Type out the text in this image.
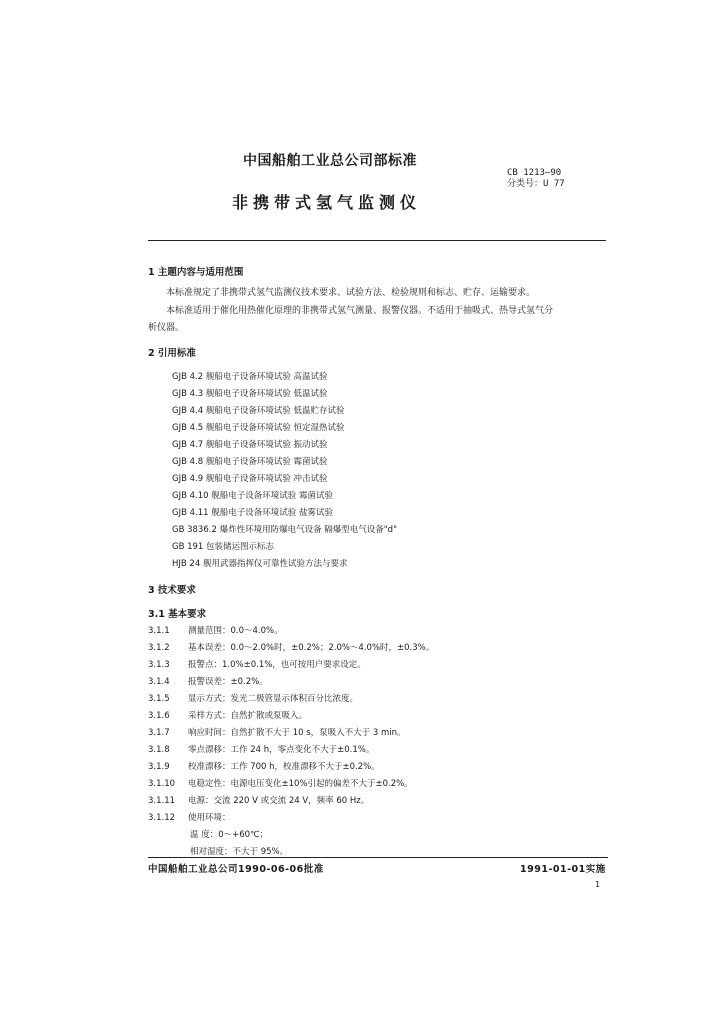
中国船舶工业总公司部标准
CB 1213—90
分类号：U 77
非携带式氢气监测仪
1 主题内容与适用范围
本标准规定了非携带式氢气监测仪技术要求、试验方法、检验规则和标志、贮存、运输要求。
本标准适用于催化用热催化原理的非携带式氢气测量、报警仪器。不适用于抽吸式、热导式氢气分
析仪器。
2 引用标准
GJB 4.2 舰船电子设备环境试验 高温试验
GJB 4.3 舰船电子设备环境试验 低温试验
GJB 4.4 舰船电子设备环境试验 低温贮存试验
GJB 4.5 舰船电子设备环境试验 恒定湿热试验
GJB 4.7 舰船电子设备环境试验 振动试验
GJB 4.8 舰船电子设备环境试验 霉菌试验
GJB 4.9 舰船电子设备环境试验 冲击试验
GJB 4.10 舰船电子设备环境试验 霉菌试验
GJB 4.11 舰船电子设备环境试验 盐雾试验
GB 3836.2 爆炸性环境用防爆电气设备 隔爆型电气设备"d"
GB 191 包装储运图示标志
HJB 24 舰用武器指挥仪可靠性试验方法与要求
3 技术要求
3.1 基本要求
3.1.1 测量范围：0.0～4.0%。
3.1.2 基本误差：0.0～2.0%时，±0.2%；2.0%～4.0%时，±0.3%。
3.1.3 报警点：1.0%±0.1%，也可按用户要求设定。
3.1.4 报警误差：±0.2%。
3.1.5 显示方式：发光二极管显示体积百分比浓度。
3.1.6 采样方式：自然扩散或泵吸入。
3.1.7 响应时间：自然扩散不大于 10 s，泵吸入不大于 3 min。
3.1.8 零点漂移：工作 24 h，零点变化不大于±0.1%。
3.1.9 校准漂移：工作 700 h，校准漂移不大于±0.2%。
3.1.10 电稳定性：电源电压变化±10%引起的偏差不大于±0.2%。
3.1.11 电源：交流 220 V 或交流 24 V，频率 60 Hz。
3.1.12 使用环境：
温 度：0～+60℃；
相对湿度：不大于 95%。
中国船舶工业总公司1990-06-06批准	1991-01-01实施
1
